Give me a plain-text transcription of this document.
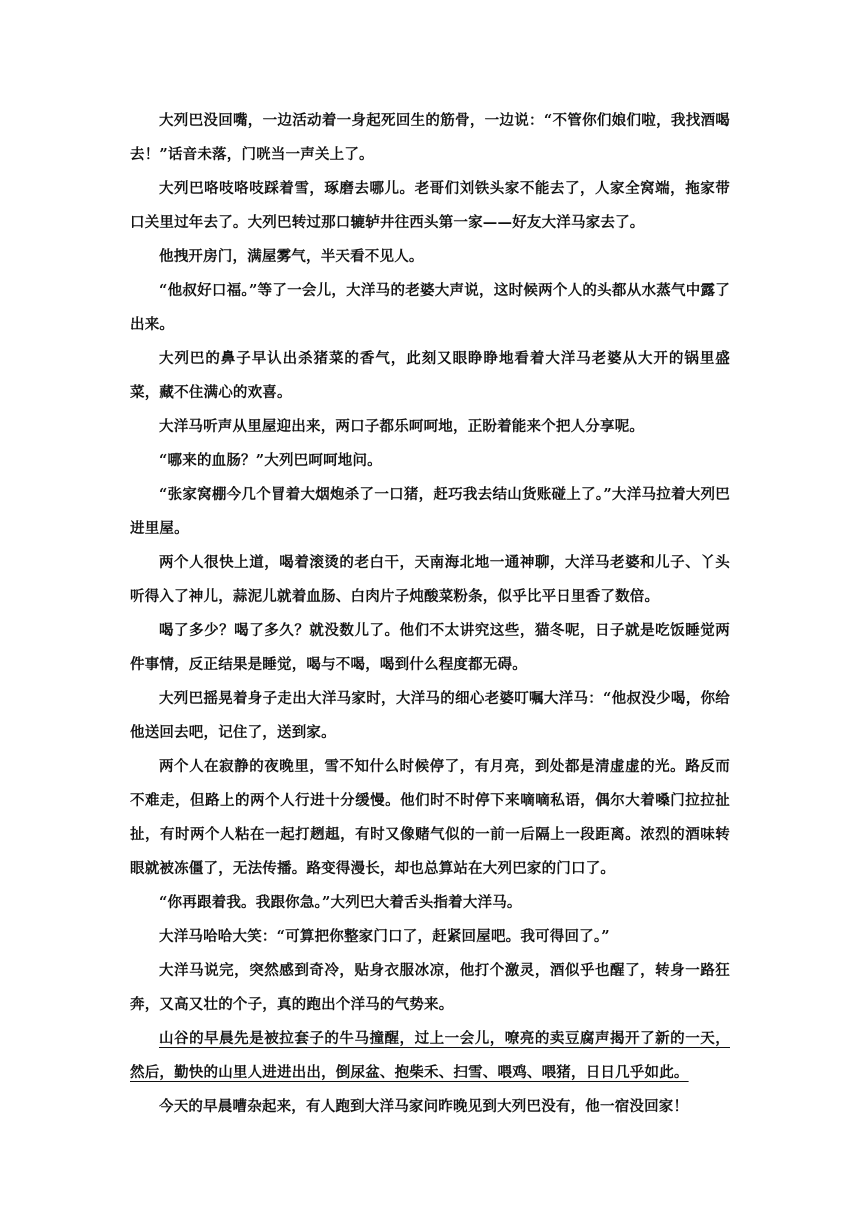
大列巴没回嘴，一边活动着一身起死回生的筋骨，一边说：“不管你们娘们啦，我找酒喝去！”话音未落，门咣当一声关上了。

大列巴咯吱咯吱踩着雪，琢磨去哪儿。老哥们刘铁头家不能去了，人家全窝端，拖家带口关里过年去了。大列巴转过那口辘轳井往西头第一家——好友大洋马家去了。

他拽开房门，满屋雾气，半天看不见人。

“他叔好口福。”等了一会儿，大洋马的老婆大声说，这时候两个人的头都从水蒸气中露了出来。

大列巴的鼻子早认出杀猪菜的香气，此刻又眼睁睁地看着大洋马老婆从大开的锅里盛菜，藏不住满心的欢喜。

大洋马听声从里屋迎出来，两口子都乐呵呵地，正盼着能来个把人分享呢。

“哪来的血肠？”大列巴呵呵地问。

“张家窝棚今几个冒着大烟炮杀了一口猪，赶巧我去结山货账碰上了。”大洋马拉着大列巴进里屋。

两个人很快上道，喝着滚烫的老白干，天南海北地一通神聊，大洋马老婆和儿子、丫头听得入了神儿，蒜泥儿就着血肠、白肉片子炖酸菜粉条，似乎比平日里香了数倍。

喝了多少？喝了多久？就没数儿了。他们不太讲究这些，猫冬呢，日子就是吃饭睡觉两件事情，反正结果是睡觉，喝与不喝，喝到什么程度都无碍。

大列巴摇晃着身子走出大洋马家时，大洋马的细心老婆叮嘱大洋马：“他叔没少喝，你给他送回去吧，记住了，送到家。

两个人在寂静的夜晚里，雪不知什么时候停了，有月亮，到处都是清虚虚的光。路反而不难走，但路上的两个人行进十分缓慢。他们时不时停下来嘀嘀私语，偶尔大着嗓门拉拉扯扯，有时两个人粘在一起打趔趄，有时又像赌气似的一前一后隔上一段距离。浓烈的酒味转眼就被冻僵了，无法传播。路变得漫长，却也总算站在大列巴家的门口了。

“你再跟着我。我跟你急。”大列巴大着舌头指着大洋马。

大洋马哈哈大笑：“可算把你整家门口了，赶紧回屋吧。我可得回了。”

大洋马说完，突然感到奇冷，贴身衣服冰凉，他打个激灵，酒似乎也醒了，转身一路狂奔，又高又壮的个子，真的跑出个洋马的气势来。

山谷的早晨先是被拉套子的牛马撞醒，过上一会儿，嘹亮的卖豆腐声揭开了新的一天，然后，勤快的山里人进进出出，倒尿盆、抱柴禾、扫雪、喂鸡、喂猪，日日几乎如此。

今天的早晨嘈杂起来，有人跑到大洋马家问昨晚见到大列巴没有，他一宿没回家！
